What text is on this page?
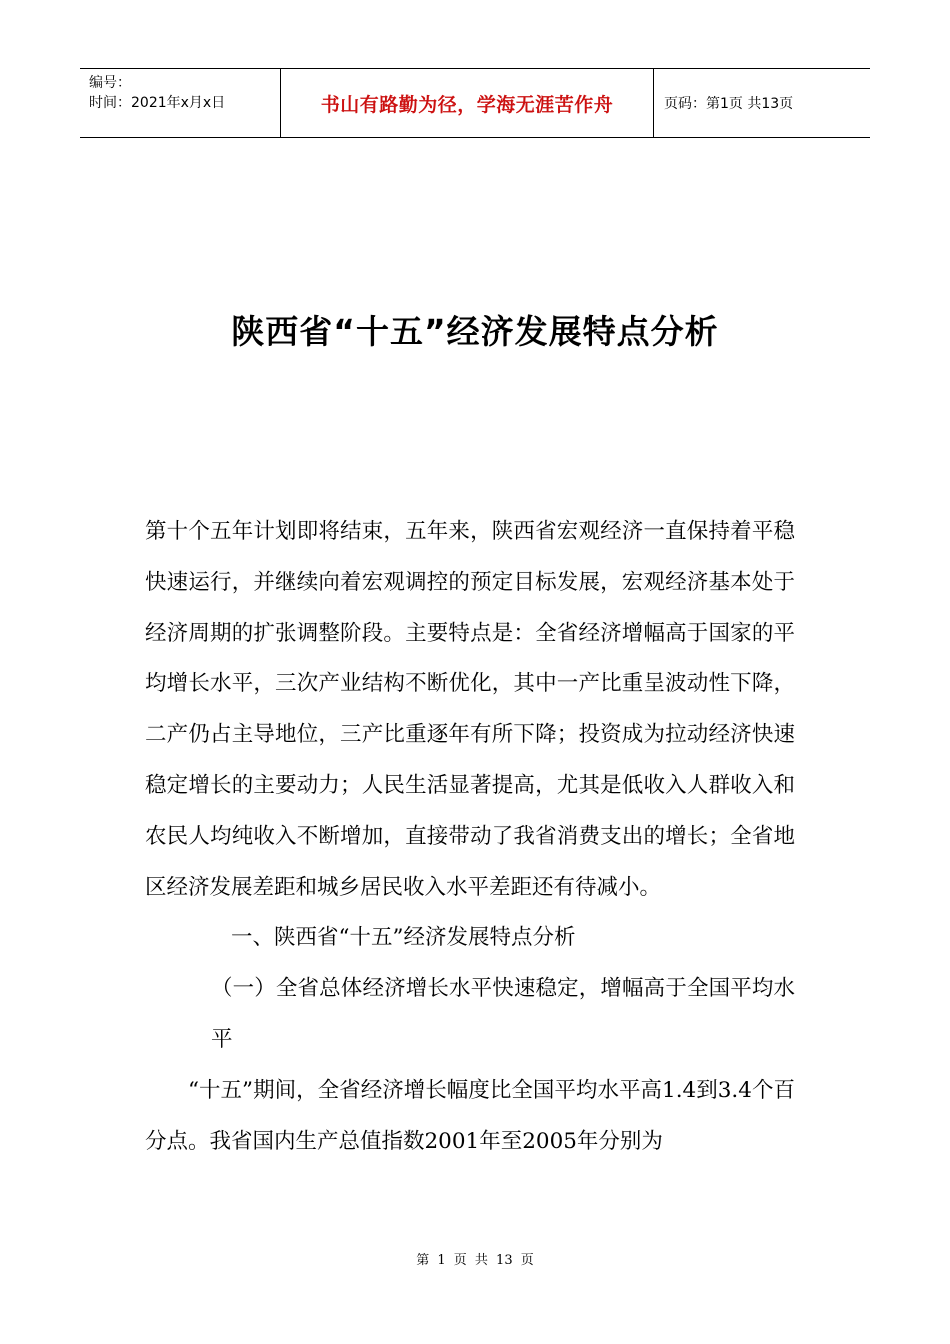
编号：
时间：2021年x月x日	书山有路勤为径，学海无涯苦作舟	页码：第1页 共13页
陕西省“十五”经济发展特点分析

第十个五年计划即将结束，五年来，陕西省宏观经济一直保持着平稳快速运行，并继续向着宏观调控的预定目标发展，宏观经济基本处于经济周期的扩张调整阶段。主要特点是：全省经济增幅高于国家的平均增长水平，三次产业结构不断优化，其中一产比重呈波动性下降，二产仍占主导地位，三产比重逐年有所下降；投资成为拉动经济快速稳定增长的主要动力；人民生活显著提高，尤其是低收入人群收入和农民人均纯收入不断增加，直接带动了我省消费支出的增长；全省地区经济发展差距和城乡居民收入水平差距还有待减小。

一、陕西省“十五”经济发展特点分析

（一）全省总体经济增长水平快速稳定，增幅高于全国平均水平

“十五”期间，全省经济增长幅度比全国平均水平高1.4到3.4个百分点。我省国内生产总值指数2001年至2005年分别为

第 1 页 共 13 页
